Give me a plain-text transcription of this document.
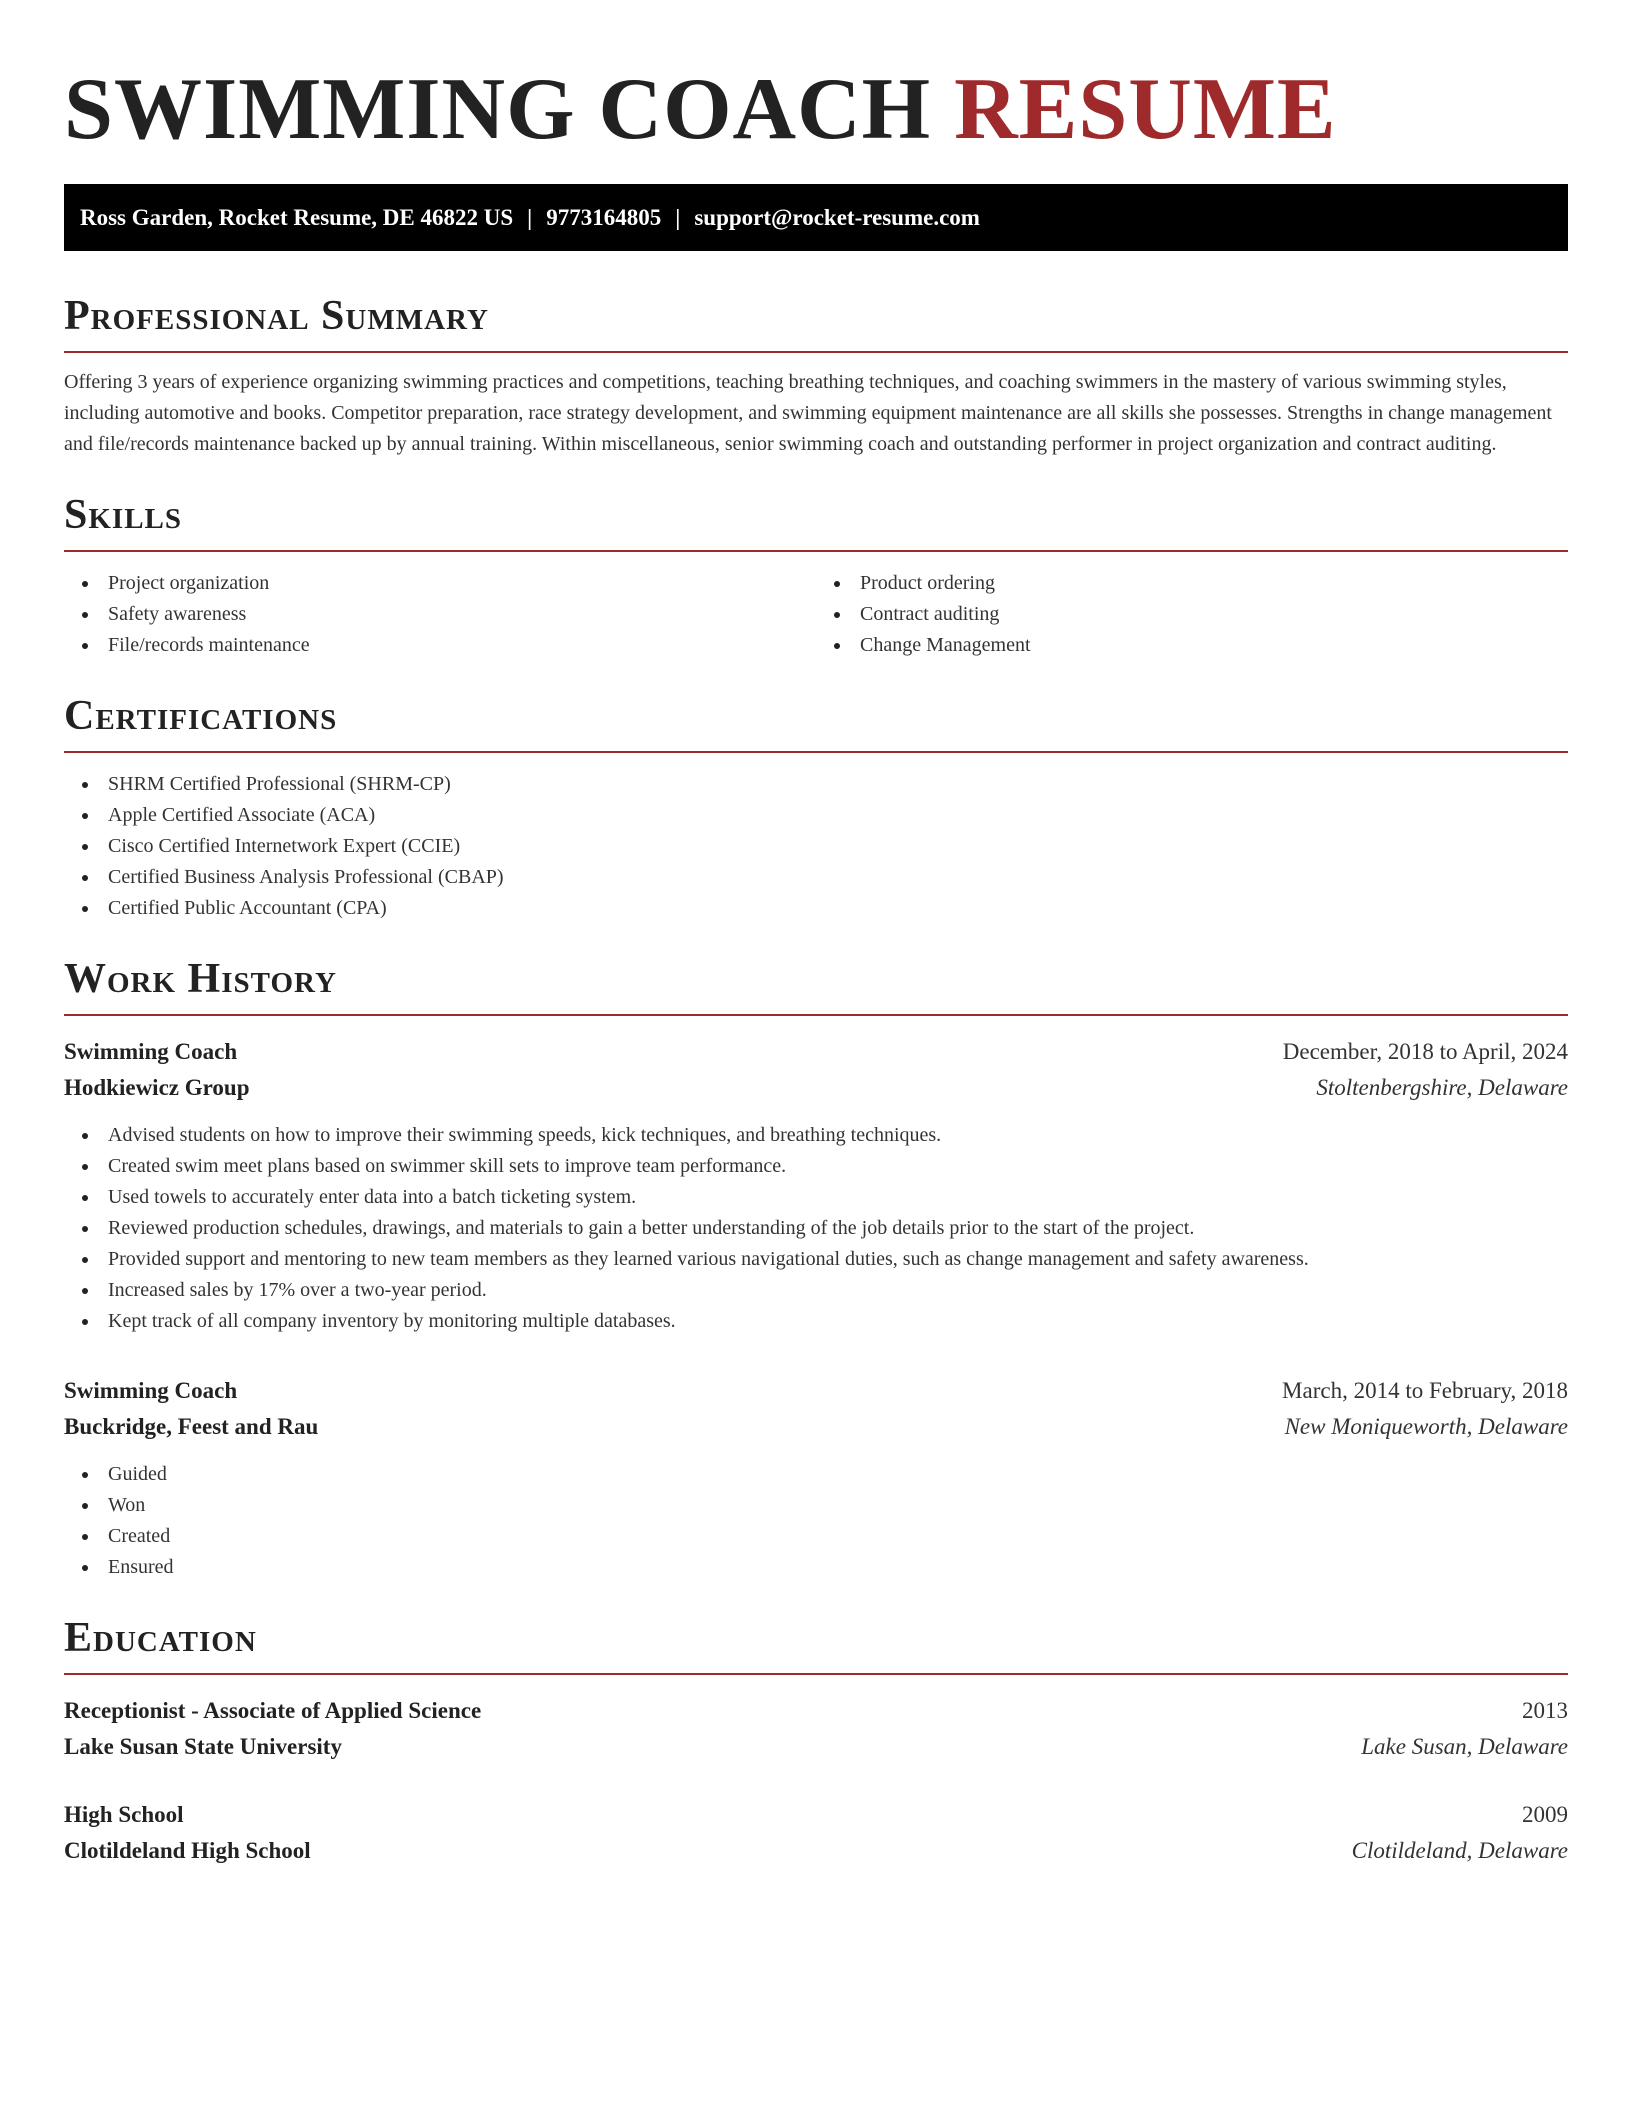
SWIMMING COACH RESUME
Ross Garden, Rocket Resume, DE 46822 US | 9773164805 | support@rocket-resume.com
Professional Summary

Offering 3 years of experience organizing swimming practices and competitions, teaching breathing techniques, and coaching swimmers in the mastery of various swimming styles, including automotive and books. Competitor preparation, race strategy development, and swimming equipment maintenance are all skills she possesses. Strengths in change management and file/records maintenance backed up by annual training. Within miscellaneous, senior swimming coach and outstanding performer in project organization and contract auditing.

Skills
Project organization
Safety awareness
File/records maintenance
Product ordering
Contract auditing
Change Management
Certifications
SHRM Certified Professional (SHRM-CP)
Apple Certified Associate (ACA)
Cisco Certified Internetwork Expert (CCIE)
Certified Business Analysis Professional (CBAP)
Certified Public Accountant (CPA)
Work History
Swimming Coach	December, 2018 to April, 2024
Hodkiewicz Group	Stoltenbergshire, Delaware
Advised students on how to improve their swimming speeds, kick techniques, and breathing techniques.
Created swim meet plans based on swimmer skill sets to improve team performance.
Used towels to accurately enter data into a batch ticketing system.
Reviewed production schedules, drawings, and materials to gain a better understanding of the job details prior to the start of the project.
Provided support and mentoring to new team members as they learned various navigational duties, such as change management and safety awareness.
Increased sales by 17% over a two-year period.
Kept track of all company inventory by monitoring multiple databases.
Swimming Coach	March, 2014 to February, 2018
Buckridge, Feest and Rau	New Moniqueworth, Delaware
Guided
Won
Created
Ensured
Education
Receptionist - Associate of Applied Science	2013
Lake Susan State University	Lake Susan, Delaware
High School	2009
Clotildeland High School	Clotildeland, Delaware
